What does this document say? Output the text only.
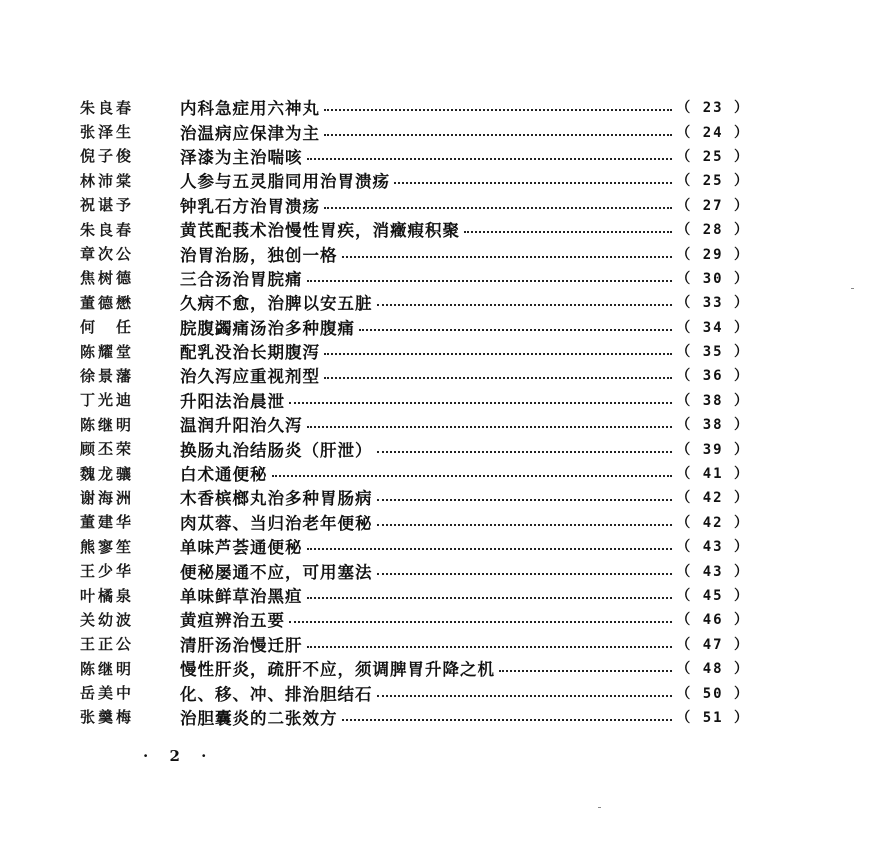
朱良春	内科急症用六神丸	（ 23 ）
张泽生	治温病应保津为主	（ 24 ）
倪子俊	泽漆为主治喘咳	（ 25 ）
林沛棠	人参与五灵脂同用治胃溃疡	（ 25 ）
祝谌予	钟乳石方治胃溃疡	（ 27 ）
朱良春	黄芪配莪术治慢性胃疾，消癥瘕积聚	（ 28 ）
章次公	治胃治肠，独创一格	（ 29 ）
焦树德	三合汤治胃脘痛	（ 30 ）
董德懋	久病不愈，治脾以安五脏	（ 33 ）
何　任	脘腹蠲痛汤治多种腹痛	（ 34 ）
陈耀堂	配乳没治长期腹泻	（ 35 ）
徐景藩	治久泻应重视剂型	（ 36 ）
丁光迪	升阳法治晨泄	（ 38 ）
陈继明	温润升阳治久泻	（ 38 ）
顾丕荣	换肠丸治结肠炎（肝泄）	（ 39 ）
魏龙骧	白术通便秘	（ 41 ）
谢海洲	木香槟榔丸治多种胃肠病	（ 42 ）
董建华	肉苁蓉、当归治老年便秘	（ 42 ）
熊寥笙	单味芦荟通便秘	（ 43 ）
王少华	便秘屡通不应，可用塞法	（ 43 ）
叶橘泉	单味鲜草治黑疸	（ 45 ）
关幼波	黄疸辨治五要	（ 46 ）
王正公	清肝汤治慢迁肝	（ 47 ）
陈继明	慢性肝炎，疏肝不应，须调脾胃升降之机	（ 48 ）
岳美中	化、移、冲、排治胆结石	（ 50 ）
张羹梅	治胆囊炎的二张效方	（ 51 ）
· 2 ·
